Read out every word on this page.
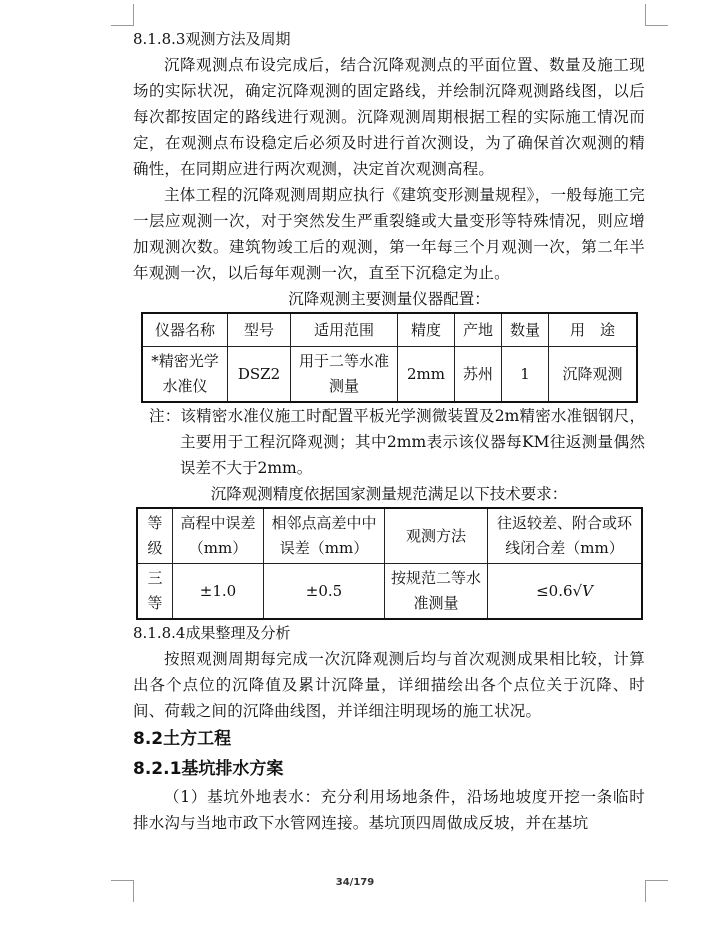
8.1.8.3观测方法及周期

沉降观测点布设完成后，结合沉降观测点的平面位置、数量及施工现场的实际状况，确定沉降观测的固定路线，并绘制沉降观测路线图，以后每次都按固定的路线进行观测。沉降观测周期根据工程的实际施工情况而定，在观测点布设稳定后必须及时进行首次测设，为了确保首次观测的精确性，在同期应进行两次观测，决定首次观测高程。

主体工程的沉降观测周期应执行《建筑变形测量规程》，一般每施工完一层应观测一次，对于突然发生严重裂缝或大量变形等特殊情况，则应增加观测次数。建筑物竣工后的观测，第一年每三个月观测一次，第二年半年观测一次，以后每年观测一次，直至下沉稳定为止。

沉降观测主要测量仪器配置：

仪器名称	型号	适用范围	精度	产地	数量	用　途
*精密光学水准仪	DSZ2	用于二等水准测量	2mm	苏州	1	沉降观测

注：该精密水准仪施工时配置平板光学测微装置及2m精密水准铟钢尺，主要用于工程沉降观测；其中2mm表示该仪器每KM往返测量偶然误差不大于2mm。

沉降观测精度依据国家测量规范满足以下技术要求：

等级	高程中误差（mm）	相邻点高差中中误差（mm）	观测方法	往返较差、附合或环线闭合差（mm）
三等	±1.0	±0.5	按规范二等水准测量	≤0.6√V

8.1.8.4成果整理及分析

按照观测周期每完成一次沉降观测后均与首次观测成果相比较，计算出各个点位的沉降值及累计沉降量，详细描绘出各个点位关于沉降、时间、荷载之间的沉降曲线图，并详细注明现场的施工状况。

8.2土方工程

8.2.1基坑排水方案

（1）基坑外地表水：充分利用场地条件，沿场地坡度开挖一条临时排水沟与当地市政下水管网连接。基坑顶四周做成反坡，并在基坑

34/179
